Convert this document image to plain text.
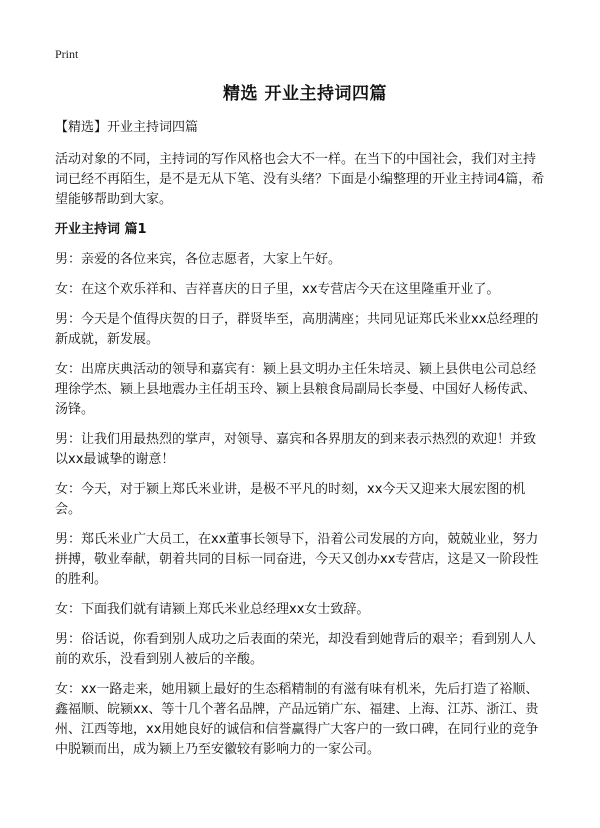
Print
精选 开业主持词四篇

【精选】开业主持词四篇

活动对象的不同，主持词的写作风格也会大不一样。在当下的中国社会，我们对主持词已经不再陌生，是不是无从下笔、没有头绪？下面是小编整理的开业主持词4篇，希望能够帮助到大家。

开业主持词 篇1

男：亲爱的各位来宾，各位志愿者，大家上午好。

女：在这个欢乐祥和、吉祥喜庆的日子里，xx专营店今天在这里隆重开业了。

男：今天是个值得庆贺的日子，群贤毕至，高朋满座；共同见证郑氏米业xx总经理的新成就，新发展。

女：出席庆典活动的领导和嘉宾有：颍上县文明办主任朱培灵、颍上县供电公司总经理徐学杰、颍上县地震办主任胡玉玲、颍上县粮食局副局长李曼、中国好人杨传武、汤锋。

男：让我们用最热烈的掌声，对领导、嘉宾和各界朋友的到来表示热烈的欢迎！并致以xx最诚挚的谢意！

女：今天，对于颍上郑氏米业讲，是极不平凡的时刻，xx今天又迎来大展宏图的机会。

男：郑氏米业广大员工，在xx董事长领导下，沿着公司发展的方向，兢兢业业，努力拼搏，敬业奉献，朝着共同的目标一同奋进，今天又创办xx专营店，这是又一阶段性的胜利。

女：下面我们就有请颍上郑氏米业总经理xx女士致辞。

男：俗话说，你看到别人成功之后表面的荣光，却没看到她背后的艰辛；看到别人人前的欢乐，没看到别人被后的辛酸。

女：xx一路走来，她用颍上最好的生态稻精制的有滋有味有机米，先后打造了裕顺、鑫福顺、皖颍xx、等十几个著名品牌，产品远销广东、福建、上海、江苏、浙江、贵州、江西等地，xx用她良好的诚信和信誉赢得广大客户的一致口碑，在同行业的竞争中脱颖而出，成为颍上乃至安徽较有影响力的一家公司。
